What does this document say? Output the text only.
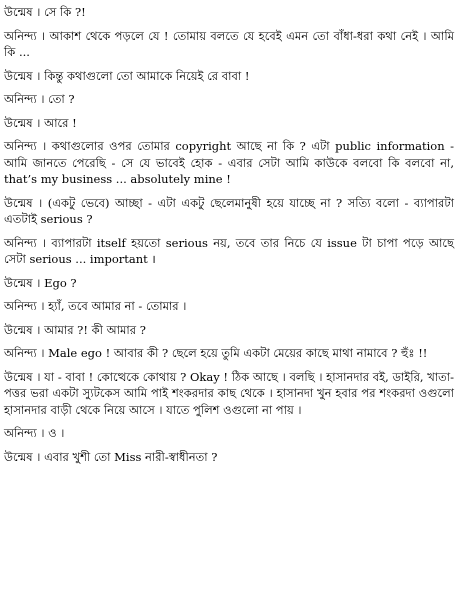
উন্মেষ । সে কি ?!

অনিন্দ্য । আকাশ থেকে পড়লে যে ! তোমায় বলতে যে হবেই এমন তো বাঁধা-ধরা কথা নেই । আমি কি ...

উন্মেষ । কিন্তু কথাগুলো তো আমাকে নিয়েই রে বাবা !

অনিন্দ্য । তো ?

উন্মেষ । আরে !

অনিন্দ্য । কথাগুলোর ওপর তোমার copyright আছে না কি ? এটা public information - আমি জানতে পেরেছি - সে যে ভাবেই হোক - এবার সেটা আমি কাউকে বলবো কি বলবো না, that’s my business ... absolutely mine !

উন্মেষ । (একটু ভেবে) আচ্ছা - এটা একটু ছেলেমানুষী হয়ে যাচ্ছে না ? সত্যি বলো - ব্যাপারটা এতটাই serious ?

অনিন্দ্য । ব্যাপারটা itself হয়তো serious নয়, তবে তার নিচে যে issue টা চাপা পড়ে আছে সেটা serious ... important ।

উন্মেষ । Ego ?

অনিন্দ্য । হ্যাঁ, তবে আমার না - তোমার ।

উন্মেষ । আমার ?! কী আমার ?

অনিন্দ্য । Male ego ! আবার কী ? ছেলে হয়ে তুমি একটা মেয়ের কাছে মাথা নামাবে ? হুঁঃ !!

উন্মেষ । যা - বাবা ! কোত্থেকে কোথায় ? Okay ! ঠিক আছে । বলছি । হাসানদার বই, ডাইরি, খাতা-পত্তর ভরা একটা স্যুটকেস আমি পাই শংকরদার কাছ থেকে । হাসানদা খুন হবার পর শংকরদা ওগুলো হাসানদার বাড়ী থেকে নিয়ে আসে । যাতে পুলিশ ওগুলো না পায় ।

অনিন্দ্য । ও ।

উন্মেষ । এবার খুশী তো Miss নারী-স্বাধীনতা ?
